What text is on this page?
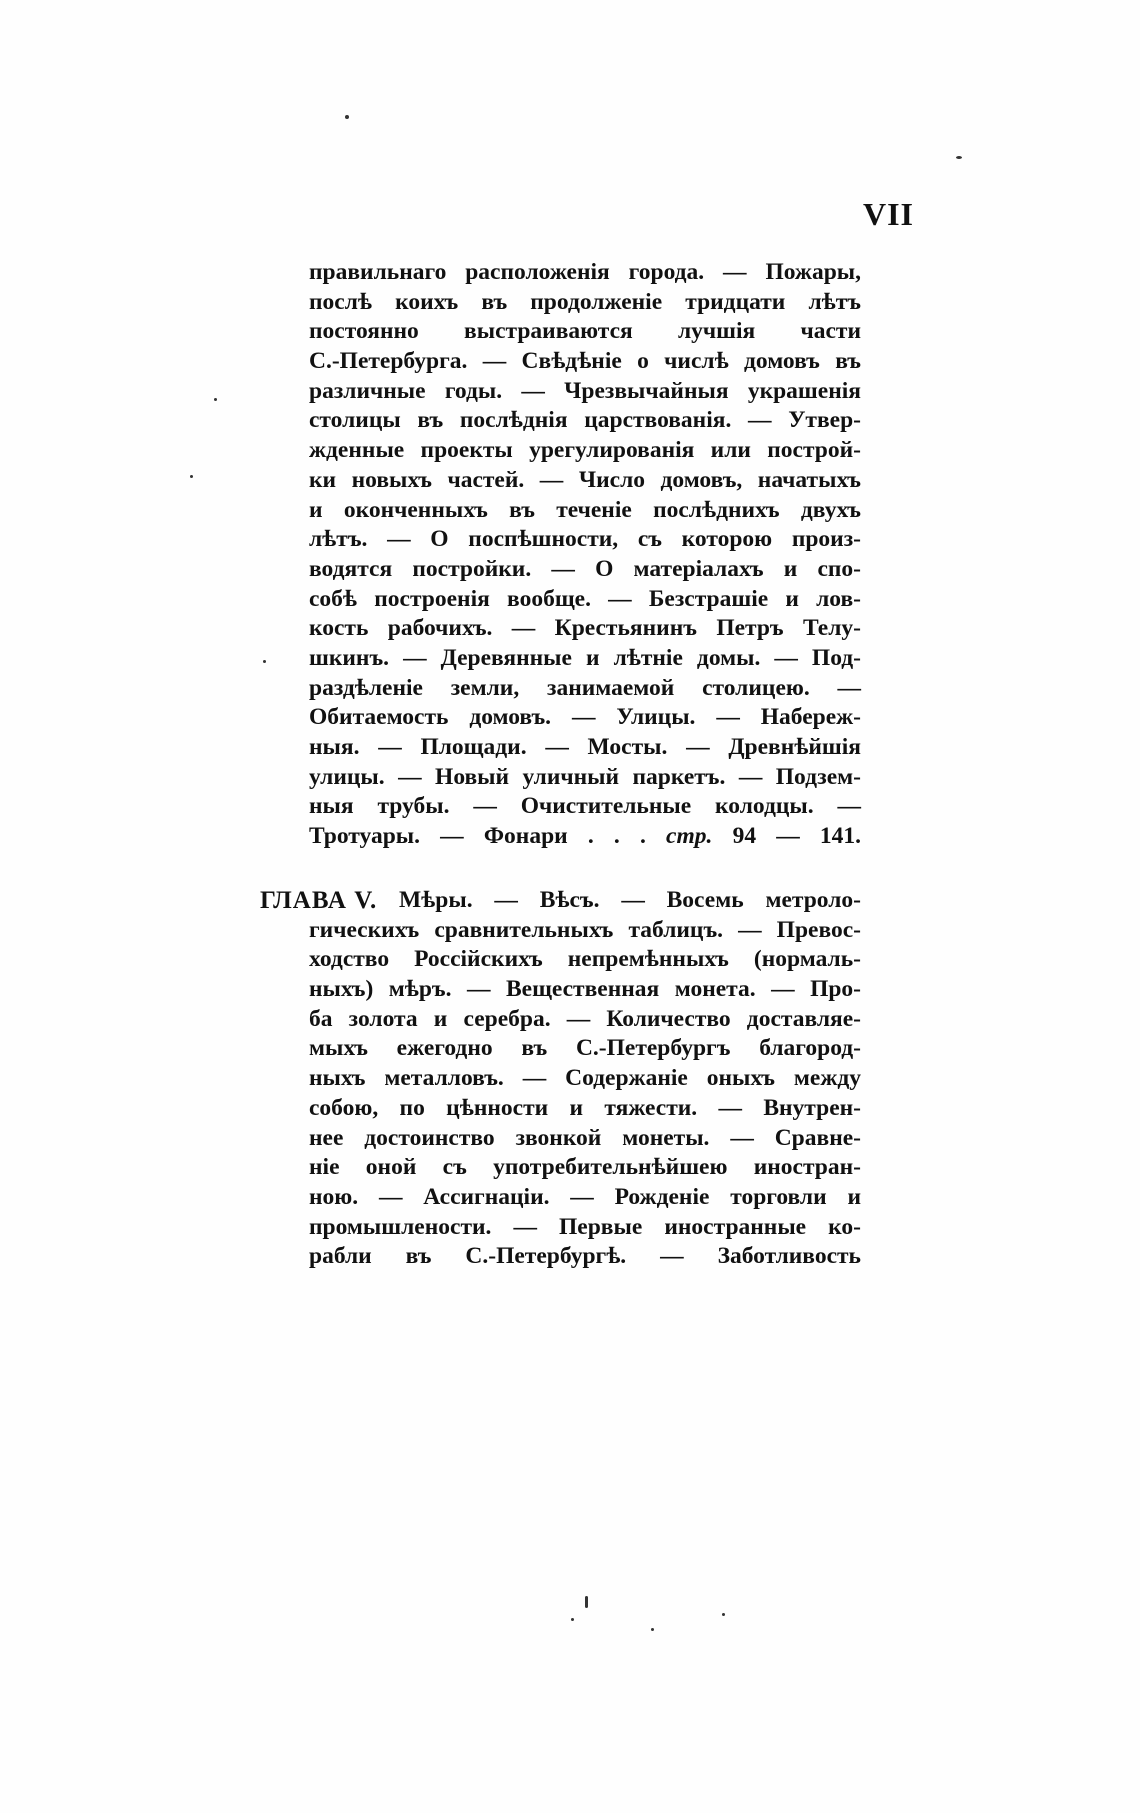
VII
правильнаго расположенія города. — Пожары,
послѣ коихъ въ продолженіе тридцати лѣтъ
постоянно выстраиваются лучшія части
С.-Петербурга. — Свѣдѣніе о числѣ домовъ въ
различные годы. — Чрезвычайныя украшенія
столицы въ послѣднія царствованія. — Утвер-
жденные проекты урегулированія или построй-
ки новыхъ частей. — Число домовъ, начатыхъ
и оконченныхъ въ теченіе послѣднихъ двухъ
лѣтъ. — О поспѣшности, съ которою произ-
водятся постройки. — О матеріалахъ и спо-
собѣ построенія вообще. — Безстрашіе и лов-
кость рабочихъ. — Крестьянинъ Петръ Телу-
шкинъ. — Деревянные и лѣтніе домы. — Под-
раздѣленіе земли, занимаемой столицею. —
Обитаемость домовъ. — Улицы. — Набереж-
ныя. — Площади. — Мосты. — Древнѣйшія
улицы. — Новый уличный паркетъ. — Подзем-
ныя трубы. — Очистительные колодцы. —
Тротуары. — Фонари . . . стр. 94 — 141.
ГЛАВА V. Мѣры. — Вѣсъ. — Восемь метроло-
гическихъ сравнительныхъ таблицъ. — Превос-
ходство Россійскихъ непремѣнныхъ (нормаль-
ныхъ) мѣръ. — Вещественная монета. — Про-
ба золота и серебра. — Количество доставляе-
мыхъ ежегодно въ С.-Петербургъ благород-
ныхъ металловъ. — Содержаніе оныхъ между
собою, по цѣнности и тяжести. — Внутрен-
нее достоинство звонкой монеты. — Сравне-
ніе оной съ употребительнѣйшею иностран-
ною. — Ассигнаціи. — Рожденіе торговли и
промышлености. — Первые иностранные ко-
рабли въ С.-Петербургѣ. — Заботливость
